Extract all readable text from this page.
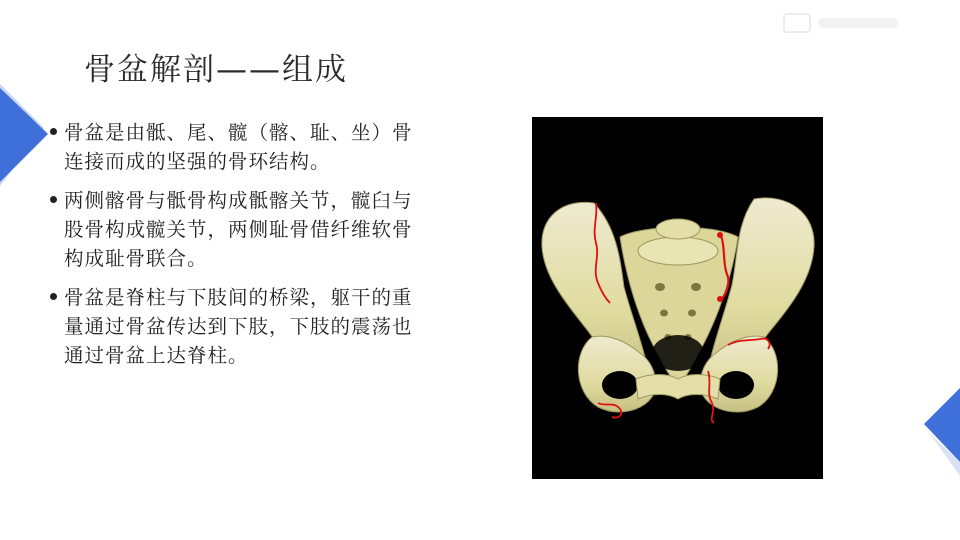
骨盆解剖——组成
骨盆是由骶、尾、髋（髂、耻、坐）骨连接而成的坚强的骨环结构。
两侧髂骨与骶骨构成骶髂关节，髋臼与股骨构成髋关节，两侧耻骨借纤维软骨构成耻骨联合。
骨盆是脊柱与下肢间的桥梁，躯干的重量通过骨盆传达到下肢，下肢的震荡也通过骨盆上达脊柱。
